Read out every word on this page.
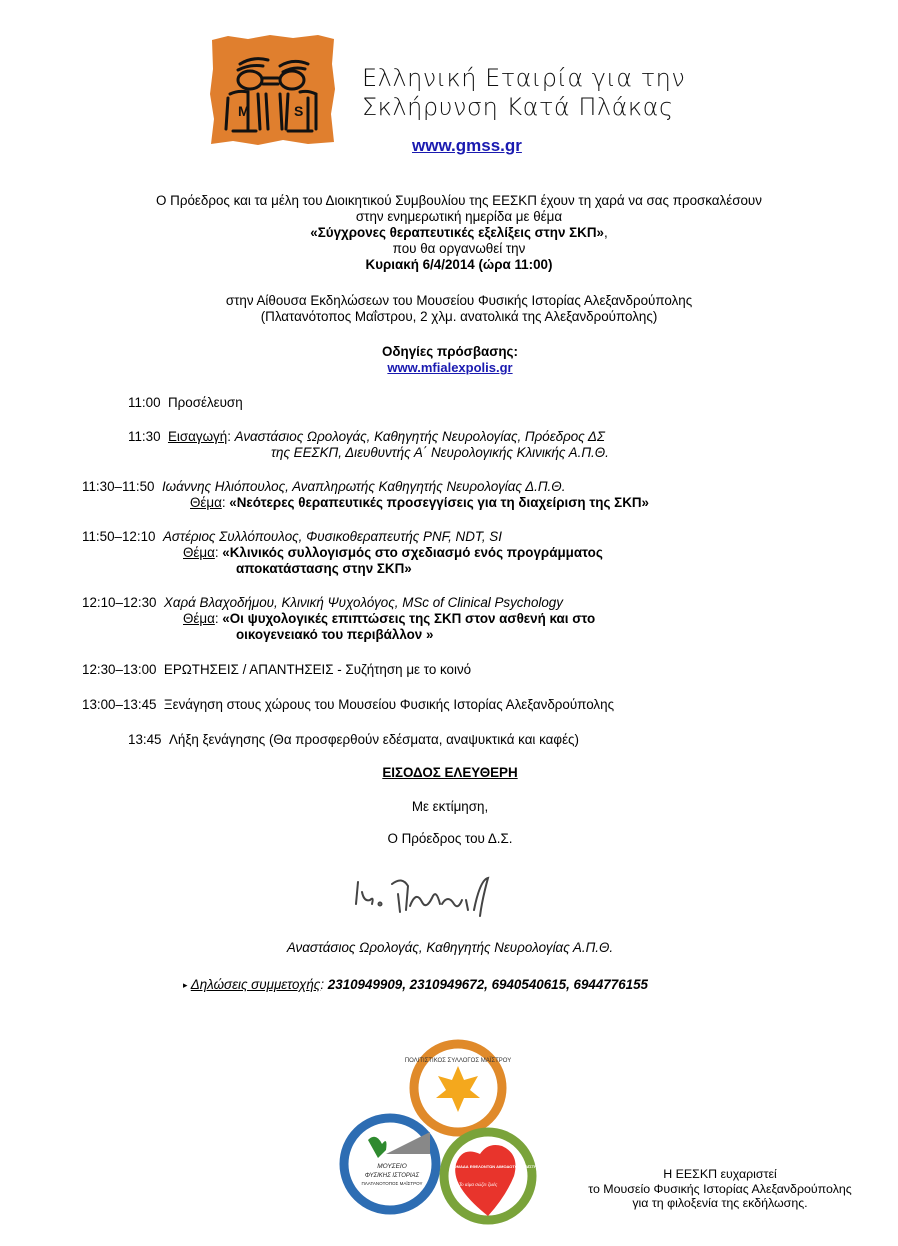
M	S
Ελληνική Εταιρία για την
Σκλήρυνση Κατά Πλάκας
www.gmss.gr
Ο Πρόεδρος και τα μέλη του Διοικητικού Συμβουλίου της ΕΕΣΚΠ έχουν τη χαρά να σας προσκαλέσουν
στην ενημερωτική ημερίδα με θέμα
«Σύγχρονες θεραπευτικές εξελίξεις στην ΣΚΠ»,
που θα οργανωθεί την
Κυριακή 6/4/2014 (ώρα 11:00)
στην Αίθουσα Εκδηλώσεων του Μουσείου Φυσικής Ιστορίας Αλεξανδρούπολης
(Πλατανότοπος Μαΐστρου, 2 χλμ. ανατολικά της Αλεξανδρούπολης)
Οδηγίες πρόσβασης:
www.mfialexpolis.gr
11:00 Προσέλευση
11:30 Εισαγωγή: Αναστάσιος Ωρολογάς, Καθηγητής Νευρολογίας, Πρόεδρος ΔΣ
της ΕΕΣΚΠ, Διευθυντής Α΄ Νευρολογικής Κλινικής Α.Π.Θ.
11:30–11:50 Ιωάννης Ηλιόπουλος, Αναπληρωτής Καθηγητής Νευρολογίας Δ.Π.Θ.
Θέμα: «Νεότερες θεραπευτικές προσεγγίσεις για τη διαχείριση της ΣΚΠ»
11:50–12:10 Αστέριος Συλλόπουλος, Φυσικοθεραπευτής PNF, NDT, SI
Θέμα: «Κλινικός συλλογισμός στο σχεδιασμό ενός προγράμματος
αποκατάστασης στην ΣΚΠ»
12:10–12:30 Χαρά Βλαχοδήμου, Κλινική Ψυχολόγος, MSc of Clinical Psychology
Θέμα: «Οι ψυχολογικές επιπτώσεις της ΣΚΠ στον ασθενή και στο
οικογενειακό του περιβάλλον »
12:30–13:00 ΕΡΩΤΗΣΕΙΣ / ΑΠΑΝΤΗΣΕΙΣ - Συζήτηση με το κοινό
13:00–13:45 Ξενάγηση στους χώρους του Μουσείου Φυσικής Ιστορίας Αλεξανδρούπολης
13:45 Λήξη ξενάγησης (Θα προσφερθούν εδέσματα, αναψυκτικά και καφές)
ΕΙΣΟΔΟΣ ΕΛΕΥΘΕΡΗ
Με εκτίμηση,
Ο Πρόεδρος του Δ.Σ.
Αναστάσιος Ωρολογάς, Καθηγητής Νευρολογίας Α.Π.Θ.
▸ Δηλώσεις συμμετοχής: 2310949909, 2310949672, 6940540615, 6944776155
ΠΟΛΙΤΙΣΤΙΚΟΣ ΣΥΛΛΟΓΟΣ ΜΑΪΣΤΡΟΥ
ΜΟΥΣΕΙΟ
ΦΥΣΙΚΗΣ ΙΣΤΟΡΙΑΣ
ΠΛΑΤΑΝΟΤΟΠΟΣ ΜΑΪΣΤΡΟΥ
ΟΜΑΔΑ ΕΘΕΛΟΝΤΩΝ ΑΙΜΟΔΟΤΩΝ ΜΑΪΣΤΡΟΥ
Το αίμα σώζει ζωές
Η ΕΕΣΚΠ ευχαριστεί
το Μουσείο Φυσικής Ιστορίας Αλεξανδρούπολης
για τη φιλοξενία της εκδήλωσης.
